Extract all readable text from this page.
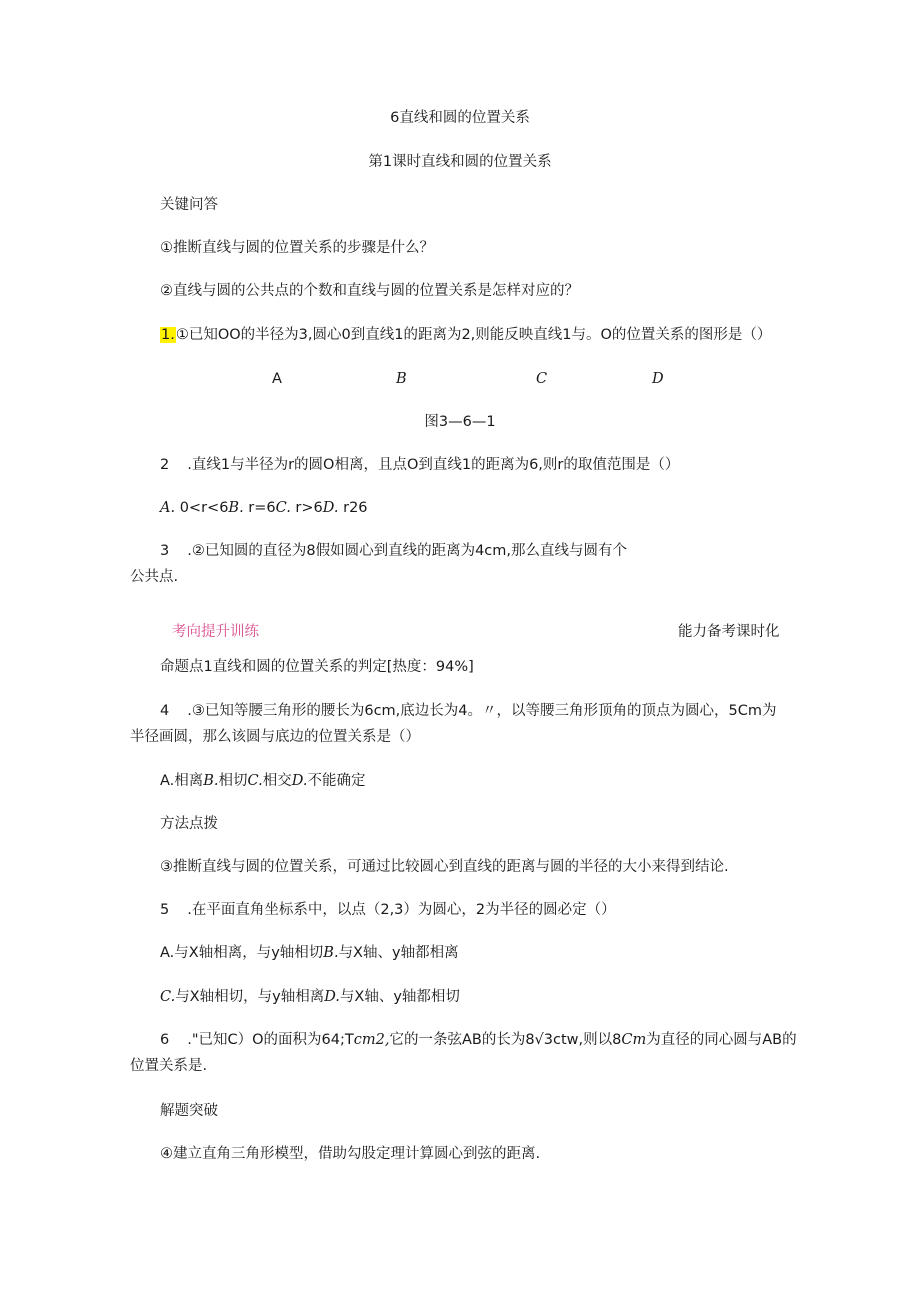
6直线和圆的位置关系
第1课时直线和圆的位置关系
关键问答
①推断直线与圆的位置关系的步骤是什么？
②直线与圆的公共点的个数和直线与圆的位置关系是怎样对应的？
1.①已知OO的半径为3,圆心0到直线1的距离为2,则能反映直线1与。O的位置关系的图形是（）
A	B	C	D
图3—6—1
2 .直线1与半径为r的圆O相离，且点O到直线1的距离为6,则r的取值范围是（）
A. 0<r<6B. r=6C. r>6D. r26
3 .②已知圆的直径为8假如圆心到直线的距离为4cm,那么直线与圆有个
公共点.
考向提升训练	能力备考课时化
命题点1直线和圆的位置关系的判定[热度：94%]
4 .③已知等腰三角形的腰长为6cm,底边长为4。〃，以等腰三角形顶角的顶点为圆心，5Cm为
半径画圆，那么该圆与底边的位置关系是（）
A.相离B.相切C.相交D.不能确定
方法点拨
③推断直线与圆的位置关系，可通过比较圆心到直线的距离与圆的半径的大小来得到结论.
5 .在平面直角坐标系中，以点（2,3）为圆心，2为半径的圆必定（）
A.与X轴相离，与y轴相切B.与X轴、y轴都相离
C.与X轴相切，与y轴相离D.与X轴、y轴都相切
6 ."已知C）O的面积为64;Tcm2,它的一条弦AB的长为8√3ctw,则以8Cm为直径的同心圆与AB的
位置关系是.
解题突破
④建立直角三角形模型，借助勾股定理计算圆心到弦的距离.
